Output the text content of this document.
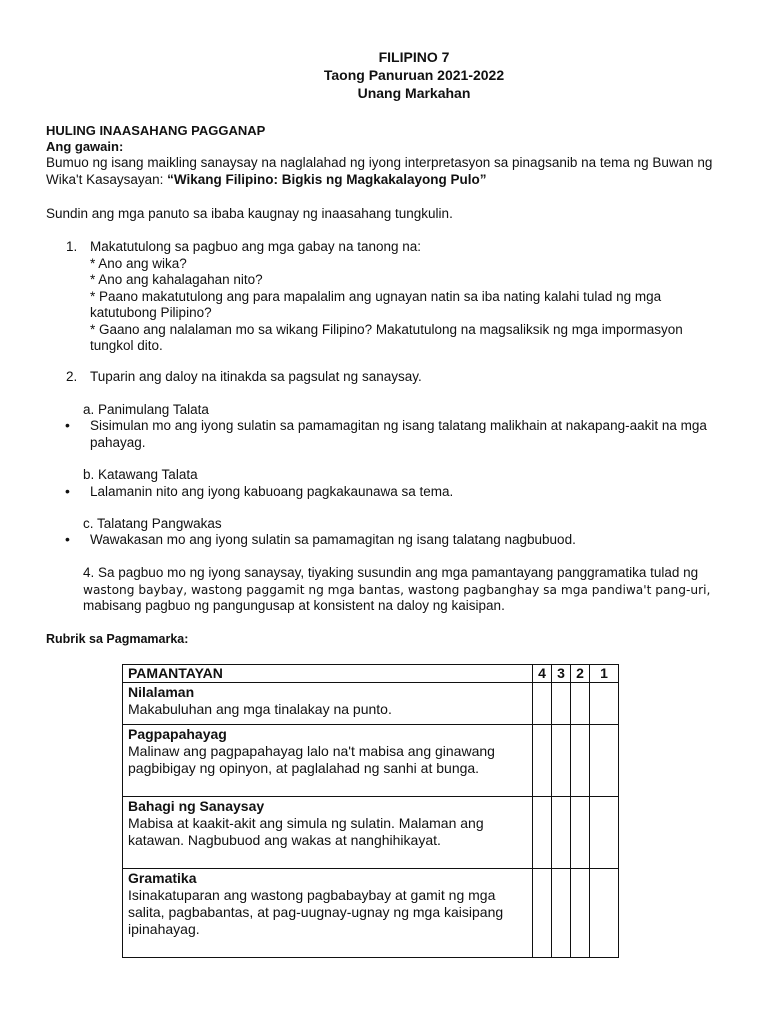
FILIPINO 7
Taong Panuruan 2021-2022
Unang Markahan
HULING INAASAHANG PAGGANAP
Ang gawain:
Bumuo ng isang maikling sanaysay na naglalahad ng iyong interpretasyon sa pinagsanib na tema ng Buwan ng Wika't Kasaysayan: “Wikang Filipino: Bigkis ng Magkakalayong Pulo”
Sundin ang mga panuto sa ibaba kaugnay ng inaasahang tungkulin.
1. Makatutulong sa pagbuo ang mga gabay na tanong na:
* Ano ang wika?
* Ano ang kahalagahan nito?
* Paano makatutulong ang para mapalalim ang ugnayan natin sa iba nating kalahi tulad ng mga katutubong Pilipino?
* Gaano ang nalalaman mo sa wikang Filipino? Makatutulong na magsaliksik ng mga impormasyon tungkol dito.
2. Tuparin ang daloy na itinakda sa pagsulat ng sanaysay.
a. Panimulang Talata
• Sisimulan mo ang iyong sulatin sa pamamagitan ng isang talatang malikhain at nakapang-aakit na mga pahayag.
b. Katawang Talata
• Lalamanin nito ang iyong kabuoang pagkakaunawa sa tema.
c. Talatang Pangwakas
• Wawakasan mo ang iyong sulatin sa pamamagitan ng isang talatang nagbubuod.
4. Sa pagbuo mo ng iyong sanaysay, tiyaking susundin ang mga pamantayang panggramatika tulad ng
wastong baybay, wastong paggamit ng mga bantas, wastong pagbanghay sa mga pandiwa't pang-uri,
mabisang pagbuo ng pangungusap at konsistent na daloy ng kaisipan.
Rubrik sa Pagmamarka:
PAMANTAYAN	4	3	2	1

Nilalaman
Makabuluhan ang mga tinalakay na punto.				

Pagpapahayag
Malinaw ang pagpapahayag lalo na't mabisa ang ginawang pagbibigay ng opinyon, at paglalahad ng sanhi at bunga.				

Bahagi ng Sanaysay
Mabisa at kaakit-akit ang simula ng sulatin. Malaman ang katawan. Nagbubuod ang wakas at nanghihikayat.				

Gramatika
Isinakatuparan ang wastong pagbabaybay at gamit ng mga salita, pagbabantas, at pag-uugnay-ugnay ng mga kaisipang ipinahayag.				
